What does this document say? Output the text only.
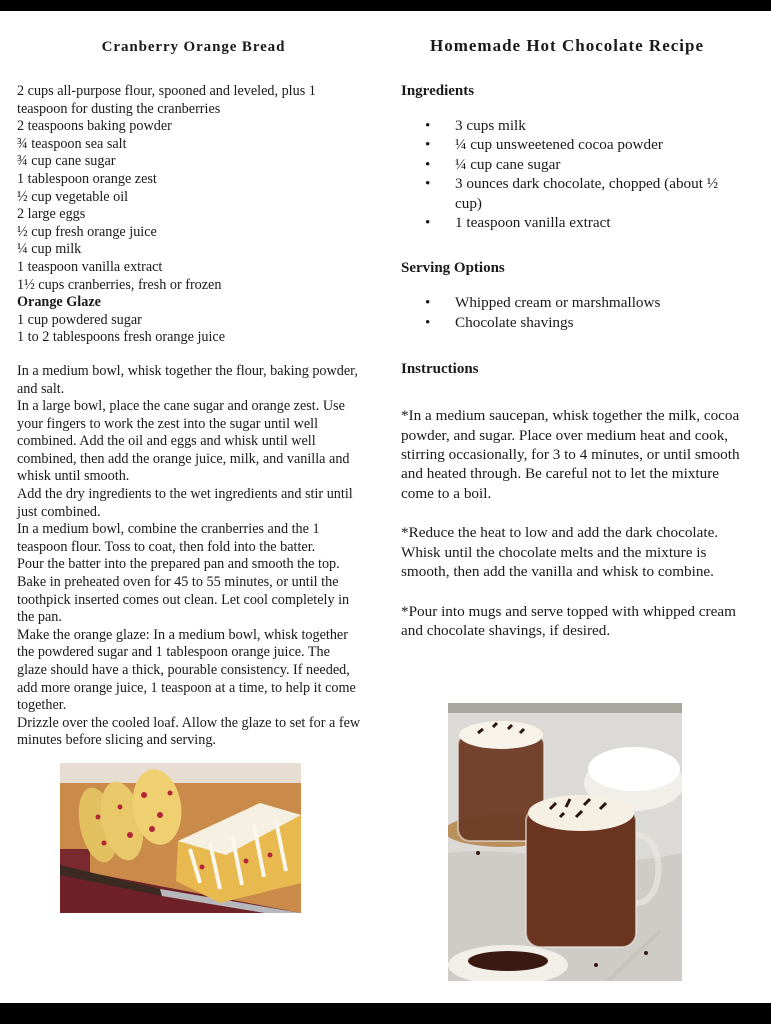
Cranberry Orange Bread
2 cups all-purpose flour, spooned and leveled, plus 1 teaspoon for dusting the cranberries
2 teaspoons baking powder
¾ teaspoon sea salt
¾ cup cane sugar
1 tablespoon orange zest
½ cup vegetable oil
2 large eggs
½ cup fresh orange juice
¼ cup milk
1 teaspoon vanilla extract
1½ cups cranberries, fresh or frozen
Orange Glaze
1 cup powdered sugar
1 to 2 tablespoons fresh orange juice
In a medium bowl, whisk together the flour, baking powder, and salt.
In a large bowl, place the cane sugar and orange zest. Use your fingers to work the zest into the sugar until well combined. Add the oil and eggs and whisk until well combined, then add the orange juice, milk, and vanilla and whisk until smooth.
Add the dry ingredients to the wet ingredients and stir until just combined.
In a medium bowl, combine the cranberries and the 1 teaspoon flour. Toss to coat, then fold into the batter.
Pour the batter into the prepared pan and smooth the top. Bake in preheated oven for 45 to 55 minutes, or until the toothpick inserted comes out clean. Let cool completely in the pan.
Make the orange glaze: In a medium bowl, whisk together the powdered sugar and 1 tablespoon orange juice. The glaze should have a thick, pourable consistency. If needed, add more orange juice, 1 teaspoon at a time, to help it come together.
Drizzle over the cooled loaf. Allow the glaze to set for a few minutes before slicing and serving.
Homemade Hot Chocolate Recipe
Ingredients
• 3 cups milk
• ¼ cup unsweetened cocoa powder
• ¼ cup cane sugar
• 3 ounces dark chocolate, chopped (about ½ cup)
• 1 teaspoon vanilla extract
Serving Options
• Whipped cream or marshmallows
• Chocolate shavings
Instructions

*In a medium saucepan, whisk together the milk, cocoa powder, and sugar. Place over medium heat and cook, stirring occasionally, for 3 to 4 minutes, or until smooth and heated through. Be careful not to let the mixture come to a boil.

*Reduce the heat to low and add the dark chocolate. Whisk until the chocolate melts and the mixture is smooth, then add the vanilla and whisk to combine.

*Pour into mugs and serve topped with whipped cream and chocolate shavings, if desired.
